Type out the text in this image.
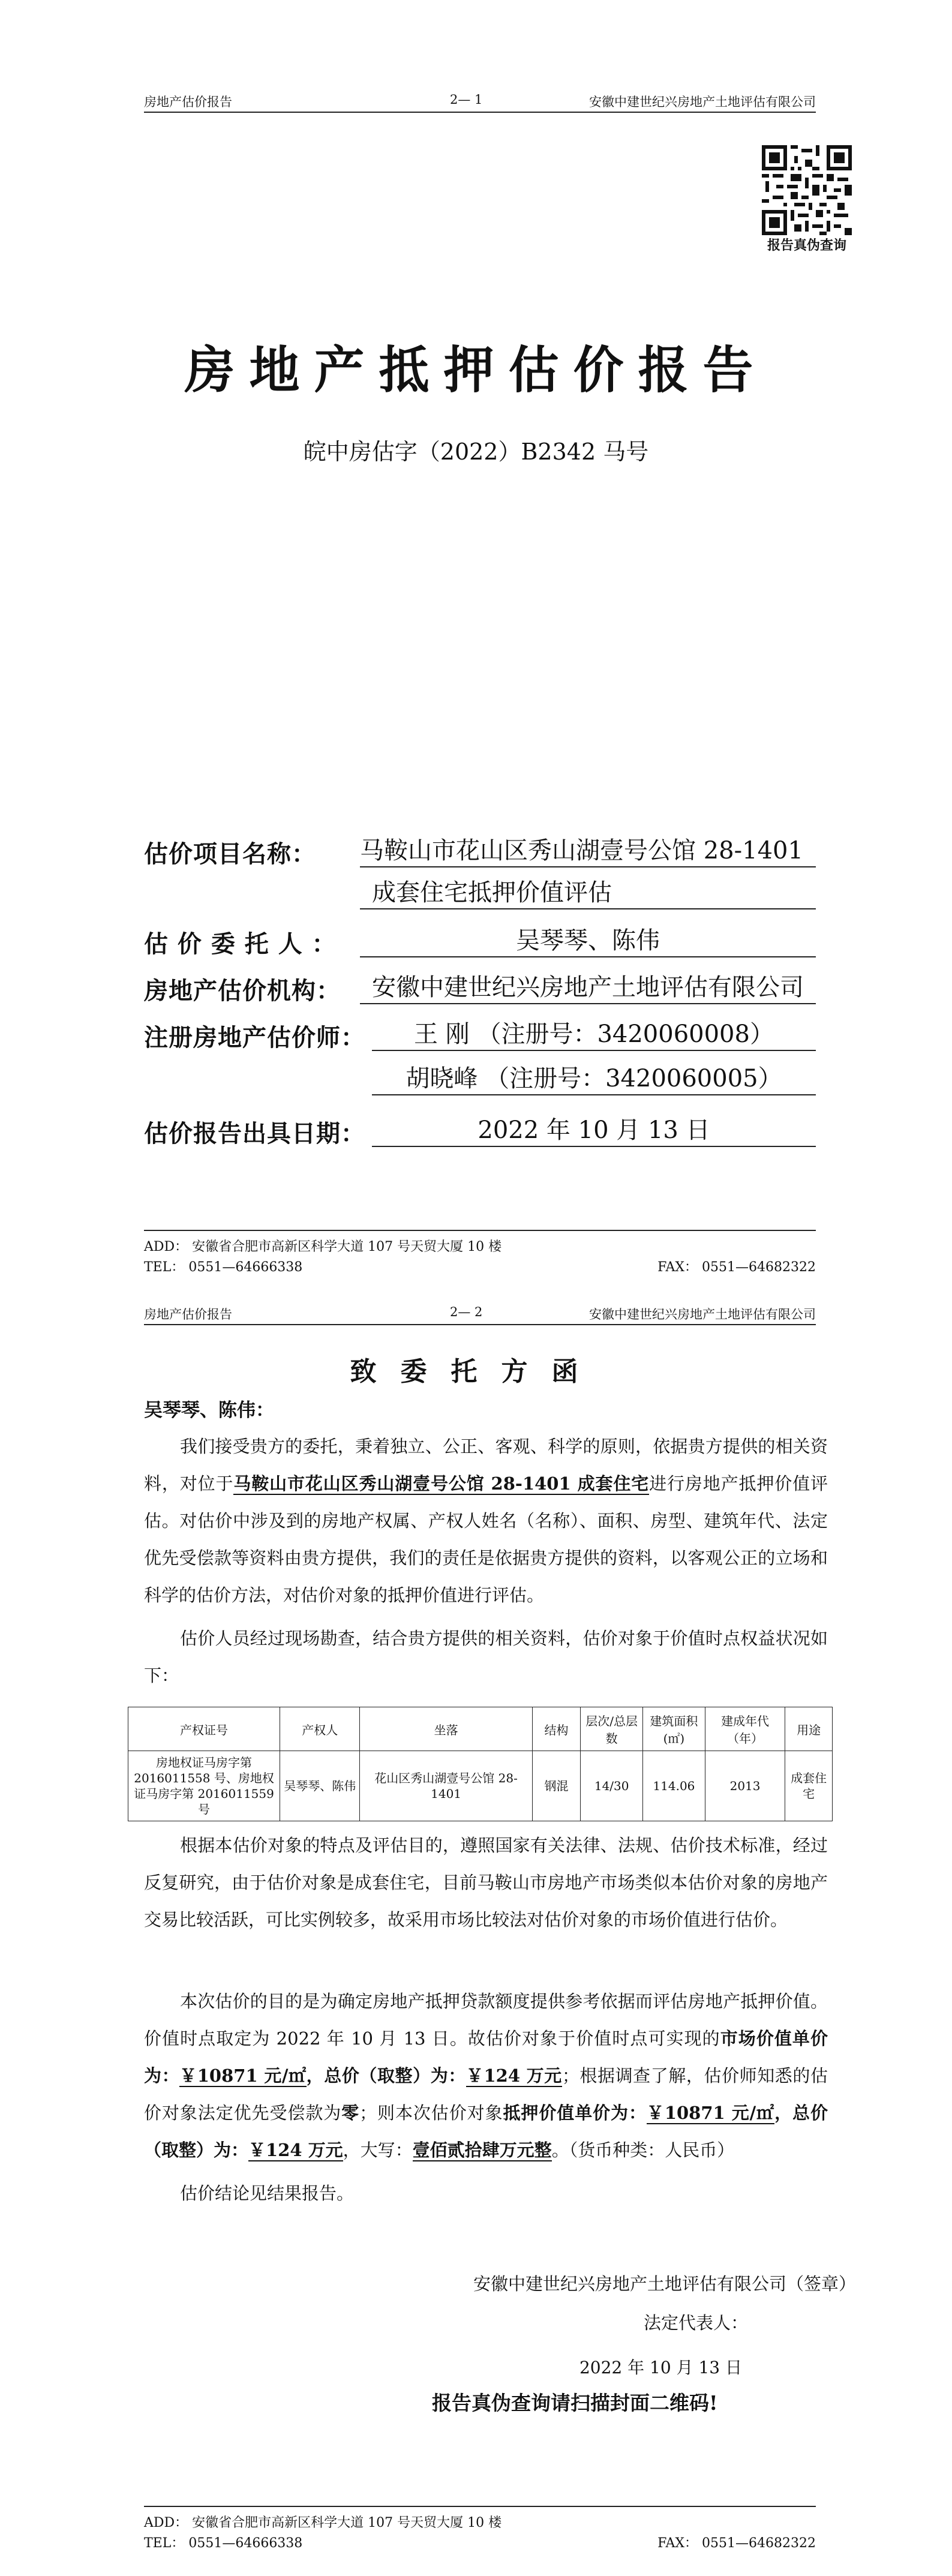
房地产估价报告	2— 1	安徽中建世纪兴房地产土地评估有限公司
报告真伪查询
房地产抵押估价报告
皖中房估字（2022）B2342 马号
估价项目名称： 马鞍山市花山区秀山湖壹号公馆 28-1401
成套住宅抵押价值评估
估 价 委 托 人 ：	吴琴琴、陈伟
房地产估价机构：	安徽中建世纪兴房地产土地评估有限公司
注册房地产估价师：	王 刚 （注册号：3420060008）
胡晓峰 （注册号：3420060005）
估价报告出具日期：	2022 年 10 月 13 日
ADD： 安徽省合肥市高新区科学大道 107 号天贸大厦 10 楼
TEL： 0551—64666338	FAX： 0551—64682322
房地产估价报告	2— 2	安徽中建世纪兴房地产土地评估有限公司
致委托方函
吴琴琴、陈伟：
我们接受贵方的委托，秉着独立、公正、客观、科学的原则，依据贵方提供的相关资料，对位于马鞍山市花山区秀山湖壹号公馆 28-1401 成套住宅进行房地产抵押价值评估。对估价中涉及到的房地产权属、产权人姓名（名称）、面积、房型、建筑年代、法定优先受偿款等资料由贵方提供，我们的责任是依据贵方提供的资料，以客观公正的立场和科学的估价方法，对估价对象的抵押价值进行评估。
估价人员经过现场勘查，结合贵方提供的相关资料，估价对象于价值时点权益状况如下：
产权证号	产权人	坐落	结构	层次/总层数	建筑面积(㎡)	建成年代（年）	用途
房地权证马房字第 2016011558 号、房地权证马房字第 2016011559 号	吴琴琴、陈伟	花山区秀山湖壹号公馆 28-1401	钢混	14/30	114.06	2013	成套住宅
根据本估价对象的特点及评估目的，遵照国家有关法律、法规、估价技术标准，经过反复研究，由于估价对象是成套住宅，目前马鞍山市房地产市场类似本估价对象的房地产交易比较活跃，可比实例较多，故采用市场比较法对估价对象的市场价值进行估价。
本次估价的目的是为确定房地产抵押贷款额度提供参考依据而评估房地产抵押价值。价值时点取定为 2022 年 10 月 13 日。故估价对象于价值时点可实现的市场价值单价为：￥10871 元/㎡，总价（取整）为：￥124 万元；根据调查了解，估价师知悉的估价对象法定优先受偿款为零；则本次估价对象抵押价值单价为：￥10871 元/㎡，总价（取整）为：￥124 万元，大写：壹佰贰拾肆万元整。（货币种类：人民币）
估价结论见结果报告。
安徽中建世纪兴房地产土地评估有限公司（签章）
法定代表人：
2022 年 10 月 13 日
报告真伪查询请扫描封面二维码!
ADD： 安徽省合肥市高新区科学大道 107 号天贸大厦 10 楼
TEL： 0551—64666338	FAX： 0551—64682322
